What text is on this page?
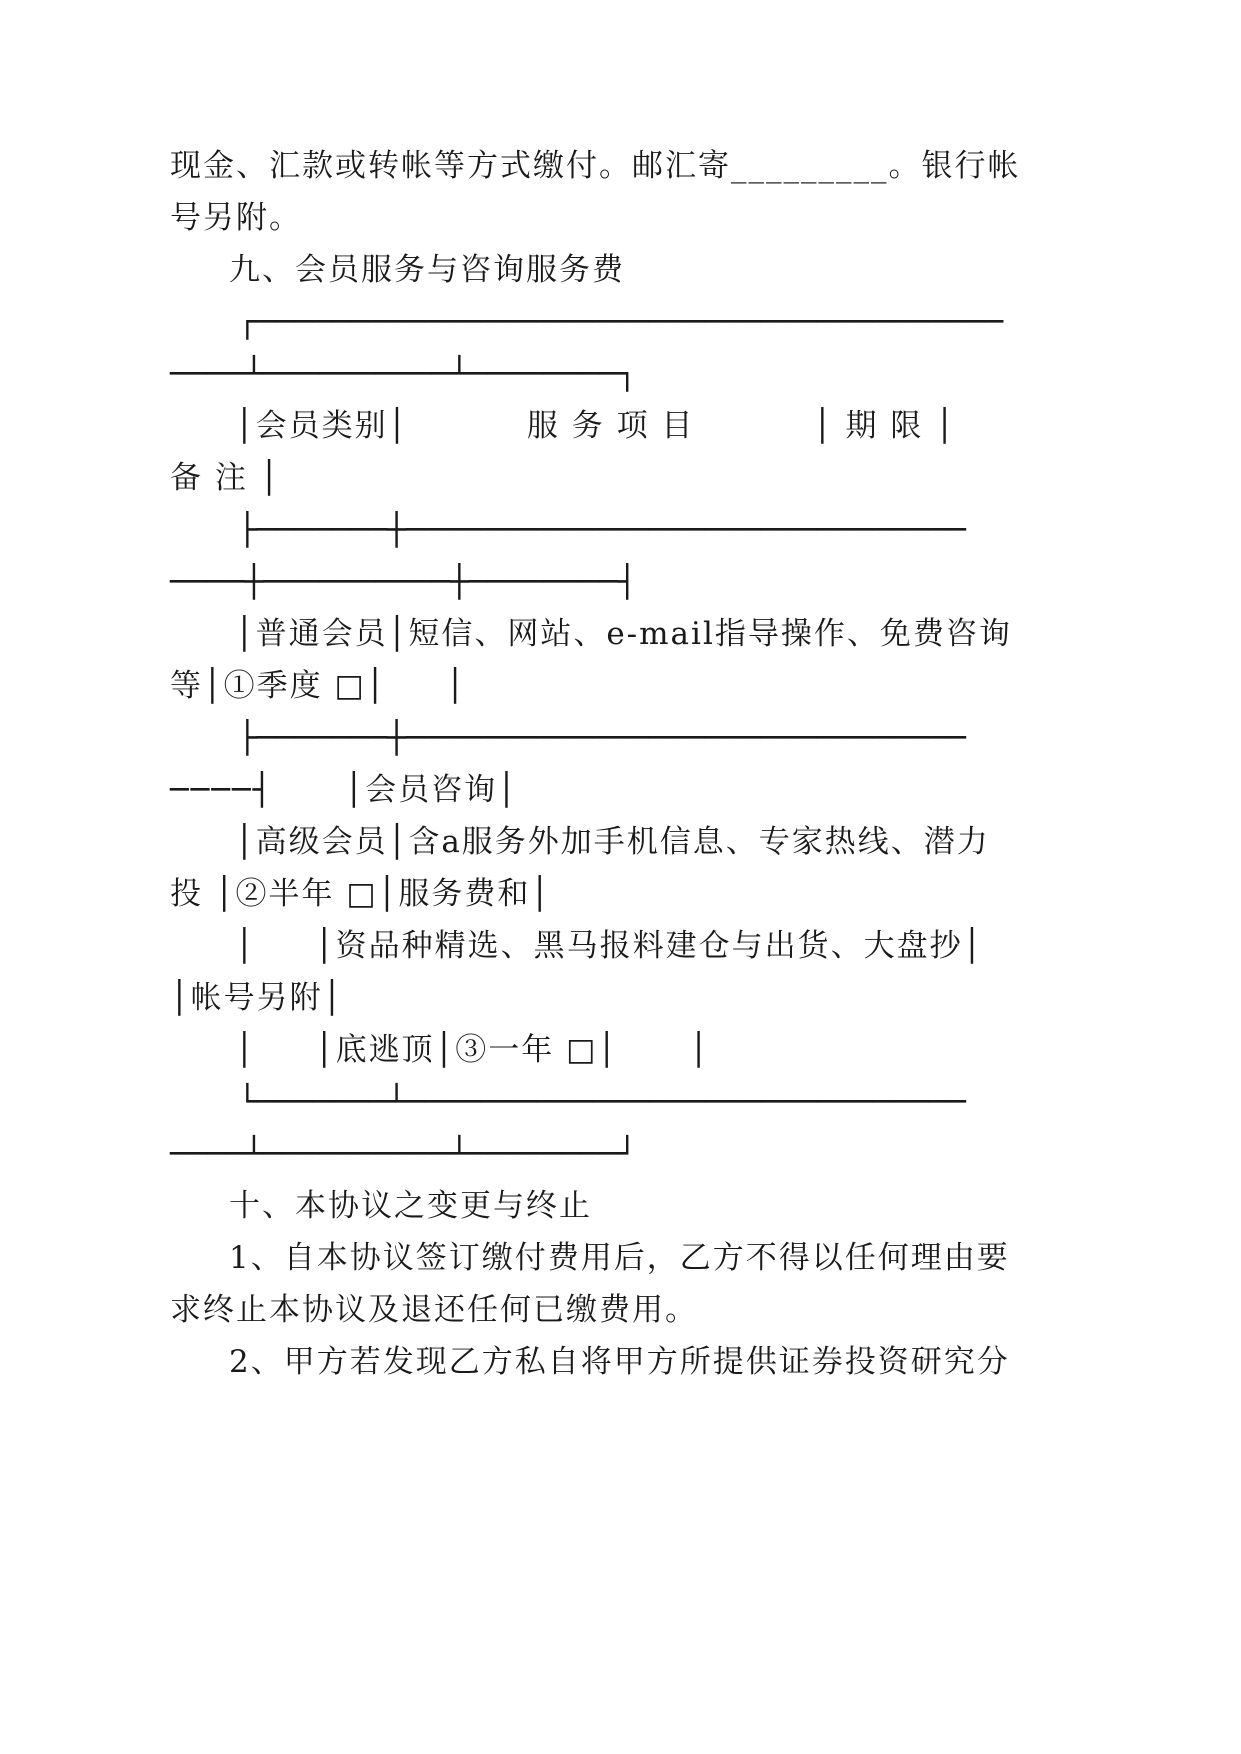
现金、汇款或转帐等方式缴付。邮汇寄_________。银行帐
号另附。
九、会员服务与咨询服务费
┌────────────────────────────────────────
────┴──────────┴────────┐
│会员类别│          服 务 项 目          │ 期 限 │
备 注 │
├───────┼──────────────────────────────
────┼──────────┼────────┤
│普通会员│短信、网站、e-mail指导操作、免费咨询
等│①季度 □│     │
├───────┼──────────────────────────────
────┤      │会员咨询│
│高级会员│含a服务外加手机信息、专家热线、潜力
投 │②半年 □│服务费和│
│     │资品种精选、黑马报料建仓与出货、大盘抄│
│帐号另附│
│     │底逃顶│③一年 □│      │
└───────┴──────────────────────────────
────┴──────────┴────────┘
十、本协议之变更与终止
1、自本协议签订缴付费用后，乙方不得以任何理由要
求终止本协议及退还任何已缴费用。
2、甲方若发现乙方私自将甲方所提供证券投资研究分
